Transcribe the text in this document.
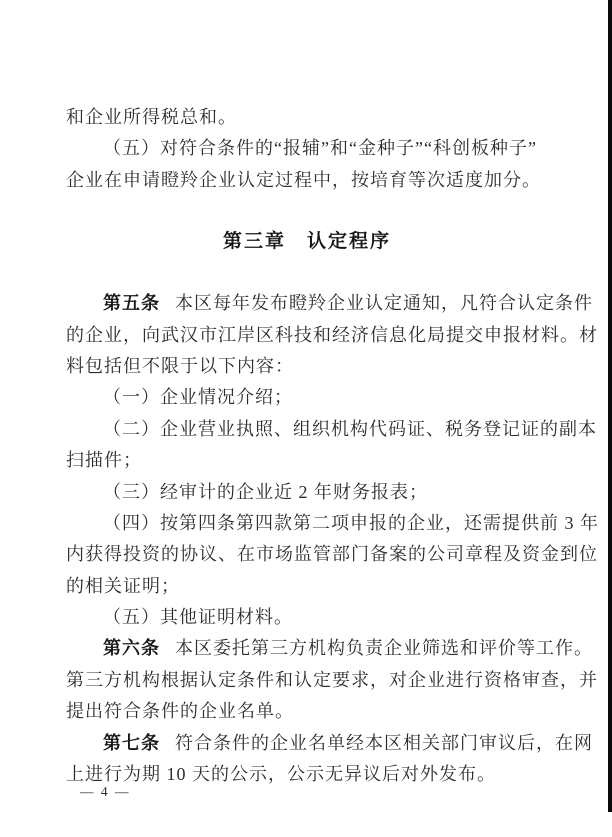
和企业所得税总和。
（五）对符合条件的“报辅”和“金种子”“科创板种子”
企业在申请瞪羚企业认定过程中，按培育等次适度加分。
第三章　认定程序
第五条 本区每年发布瞪羚企业认定通知，凡符合认定条件
的企业，向武汉市江岸区科技和经济信息化局提交申报材料。材
料包括但不限于以下内容：
（一）企业情况介绍；
（二）企业营业执照、组织机构代码证、税务登记证的副本
扫描件；
（三）经审计的企业近 2 年财务报表；
（四）按第四条第四款第二项申报的企业，还需提供前 3 年
内获得投资的协议、在市场监管部门备案的公司章程及资金到位
的相关证明；
（五）其他证明材料。
第六条 本区委托第三方机构负责企业筛选和评价等工作。
第三方机构根据认定条件和认定要求，对企业进行资格审查，并
提出符合条件的企业名单。
第七条 符合条件的企业名单经本区相关部门审议后，在网
上进行为期 10 天的公示，公示无异议后对外发布。
— 4 —
